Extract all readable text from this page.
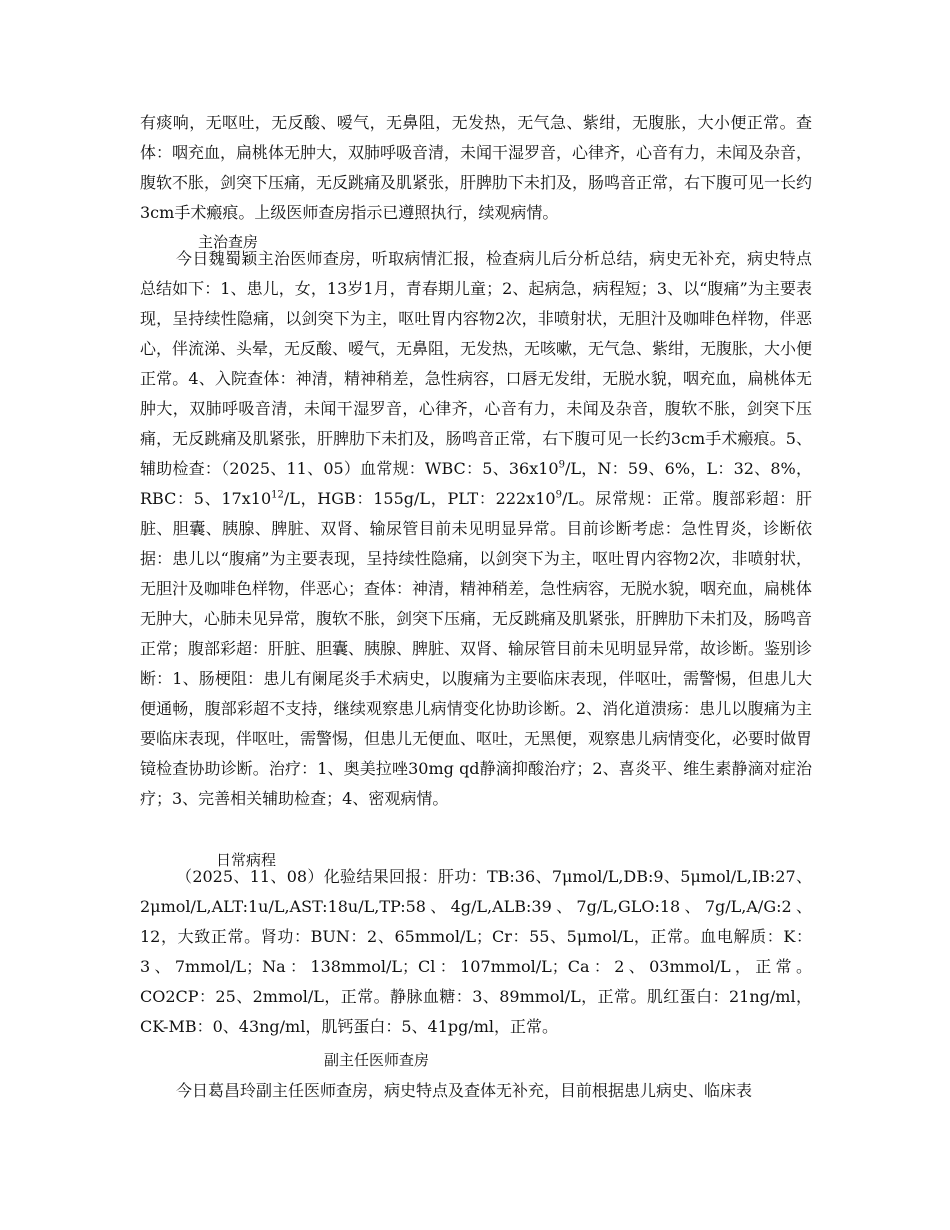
有痰响，无呕吐，无反酸、嗳气，无鼻阻，无发热，无气急、紫绀，无腹胀，大小便正常。查体：咽充血，扁桃体无肿大，双肺呼吸音清，未闻干湿罗音，心律齐，心音有力，未闻及杂音，腹软不胀，剑突下压痛，无反跳痛及肌紧张，肝脾肋下未扪及，肠鸣音正常，右下腹可见一长约3cm手术瘢痕。上级医师查房指示已遵照执行，续观病情。

主治查房

今日魏蜀颖主治医师查房，听取病情汇报，检查病儿后分析总结，病史无补充，病史特点总结如下：1、患儿，女，13岁1月，青春期儿童；2、起病急，病程短；3、以“腹痛”为主要表现，呈持续性隐痛，以剑突下为主，呕吐胃内容物2次，非喷射状，无胆汁及咖啡色样物，伴恶心，伴流涕、头晕，无反酸、嗳气，无鼻阻，无发热，无咳嗽，无气急、紫绀，无腹胀，大小便正常。4、入院查体：神清，精神稍差，急性病容，口唇无发绀，无脱水貌，咽充血，扁桃体无肿大，双肺呼吸音清，未闻干湿罗音，心律齐，心音有力，未闻及杂音，腹软不胀，剑突下压痛，无反跳痛及肌紧张，肝脾肋下未扪及，肠鸣音正常，右下腹可见一长约3cm手术瘢痕。5、辅助检查：（2025、11、05）血常规：WBC：5、$36x10^9/L$，N：59、6%，L：32、8%，RBC：5、$17x10^{12}/L$，HGB：155g/L，PLT：$222x10^9/L$。尿常规：正常。腹部彩超：肝脏、胆囊、胰腺、脾脏、双肾、输尿管目前未见明显异常。目前诊断考虑：急性胃炎，诊断依据：患儿以“腹痛”为主要表现，呈持续性隐痛，以剑突下为主，呕吐胃内容物2次，非喷射状，无胆汁及咖啡色样物，伴恶心；查体：神清，精神稍差，急性病容，无脱水貌，咽充血，扁桃体无肿大，心肺未见异常，腹软不胀，剑突下压痛，无反跳痛及肌紧张，肝脾肋下未扪及，肠鸣音正常；腹部彩超：肝脏、胆囊、胰腺、脾脏、双肾、输尿管目前未见明显异常，故诊断。鉴别诊断：1、肠梗阻：患儿有阑尾炎手术病史，以腹痛为主要临床表现，伴呕吐，需警惕，但患儿大便通畅，腹部彩超不支持，继续观察患儿病情变化协助诊断。2、消化道溃疡：患儿以腹痛为主要临床表现，伴呕吐，需警惕，但患儿无便血、呕吐，无黑便，观察患儿病情变化，必要时做胃镜检查协助诊断。治疗：1、奥美拉唑30mg qd静滴抑酸治疗；2、喜炎平、维生素静滴对症治疗；3、完善相关辅助检查；4、密观病情。

日常病程

（2025、11、08）化验结果回报：肝功：TB:36、7μmol/L,DB:9、5μmol/L,IB:27、2μmol/L,ALT:1u/L,AST:18u/L,TP:58、4g/L,ALB:39、7g/L,GLO:18、7g/L,A/G:2、12，大致正常。肾功：BUN：2、65mmol/L；Cr：55、5μmol/L，正常。血电解质：K：3、7mmol/L；Na：138mmol/L；Cl：107mmol/L；Ca：2、03mmol/L，正常。CO2CP：25、2mmol/L，正常。静脉血糖：3、89mmol/L，正常。肌红蛋白：21ng/ml，CK-MB：0、43ng/ml，肌钙蛋白：5、41pg/ml，正常。

副主任医师查房

今日葛昌玲副主任医师查房，病史特点及查体无补充，目前根据患儿病史、临床表
